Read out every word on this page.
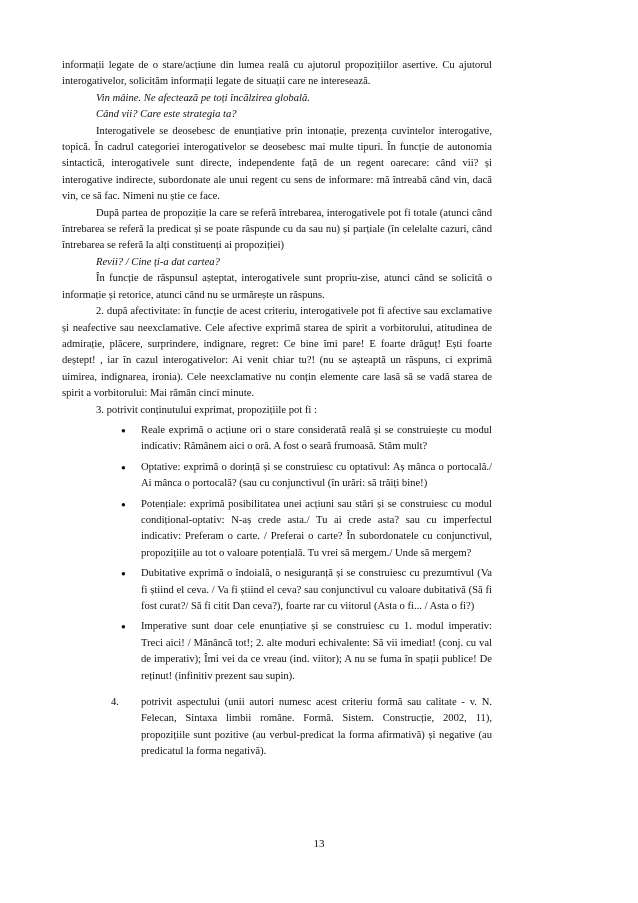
informații legate de o stare/acțiune din lumea reală cu ajutorul propozițiilor asertive. Cu ajutorul interogativelor, solicităm informații legate de situații care ne interesează.

Vin mâine. Ne afectează pe toți încălzirea globală.

Când vii? Care este strategia ta?

Interogativele se deosebesc de enunțiative prin intonație, prezența cuvintelor interogative, topică. În cadrul categoriei interogativelor se deosebesc mai multe tipuri. În funcție de autonomia sintactică, interogativele sunt directe, independente față de un regent oarecare: când vii? și interogative indirecte, subordonate ale unui regent cu sens de informare: mă întreabă când vin, dacă vin, ce să fac. Nimeni nu știe ce face.

După partea de propoziție la care se referă întrebarea, interogativele pot fi totale (atunci când întrebarea se referă la predicat și se poate răspunde cu da sau nu) și parțiale (în celelalte cazuri, când întrebarea se referă la alți constituenți ai propoziției)

Revii? / Cine ți-a dat cartea?

În funcție de răspunsul așteptat, interogativele sunt propriu-zise, atunci când se solicită o informație și retorice, atunci când nu se urmărește un răspuns.

2. după afectivitate: în funcție de acest criteriu, interogativele pot fi afective sau exclamative și neafective sau neexclamative. Cele afective exprimă starea de spirit a vorbitorului, atitudinea de admirație, plăcere, surprindere, indignare, regret: Ce bine îmi pare! E foarte drăguț! Ești foarte deștept! , iar în cazul interogativelor: Ai venit chiar tu?! (nu se așteaptă un răspuns, ci exprimă uimirea, indignarea, ironia). Cele neexclamative nu conțin elemente care lasă să se vadă starea de spirit a vorbitorului: Mai rămân cinci minute.

3. potrivit conținutului exprimat, propozițiile pot fi :

● Reale exprimă o acțiune ori o stare considerată reală și se construiește cu modul indicativ: Rămânem aici o oră. A fost o seară frumoasă. Stăm mult?
● Optative: exprimă o dorință și se construiesc cu optativul: Aș mânca o portocală./ Ai mânca o portocală? (sau cu conjunctivul (în urări: să trăiți bine!)
● Potențiale: exprimă posibilitatea unei acțiuni sau stări și se construiesc cu modul condițional-optativ: N-aș crede asta./ Tu ai crede asta? sau cu imperfectul indicativ: Preferam o carte. / Preferai o carte? În subordonatele cu conjunctivul, propozițiile au tot o valoare potențială. Tu vrei să mergem./ Unde să mergem?
● Dubitative exprimă o îndoială, o nesiguranță și se construiesc cu prezumtivul (Va fi știind el ceva. / Va fi știind el ceva? sau conjunctivul cu valoare dubitativă (Să fi fost curat?/ Să fi citit Dan ceva?), foarte rar cu viitorul (Asta o fi... / Asta o fi?)
● Imperative sunt doar cele enunțiative și se construiesc cu 1. modul imperativ: Treci aici! / Mănâncă tot!; 2. alte moduri echivalente: Să vii imediat! (conj. cu val de imperativ); Îmi vei da ce vreau (ind. viitor); A nu se fuma în spații publice! De reținut! (infinitiv prezent sau supin).
4. potrivit aspectului (unii autori numesc acest criteriu formă sau calitate - v. N. Felecan, Sintaxa limbii române. Formă. Sistem. Construcție, 2002, 11), propozițiile sunt pozitive (au verbul-predicat la forma afirmativă) și negative (au predicatul la forma negativă).
13
